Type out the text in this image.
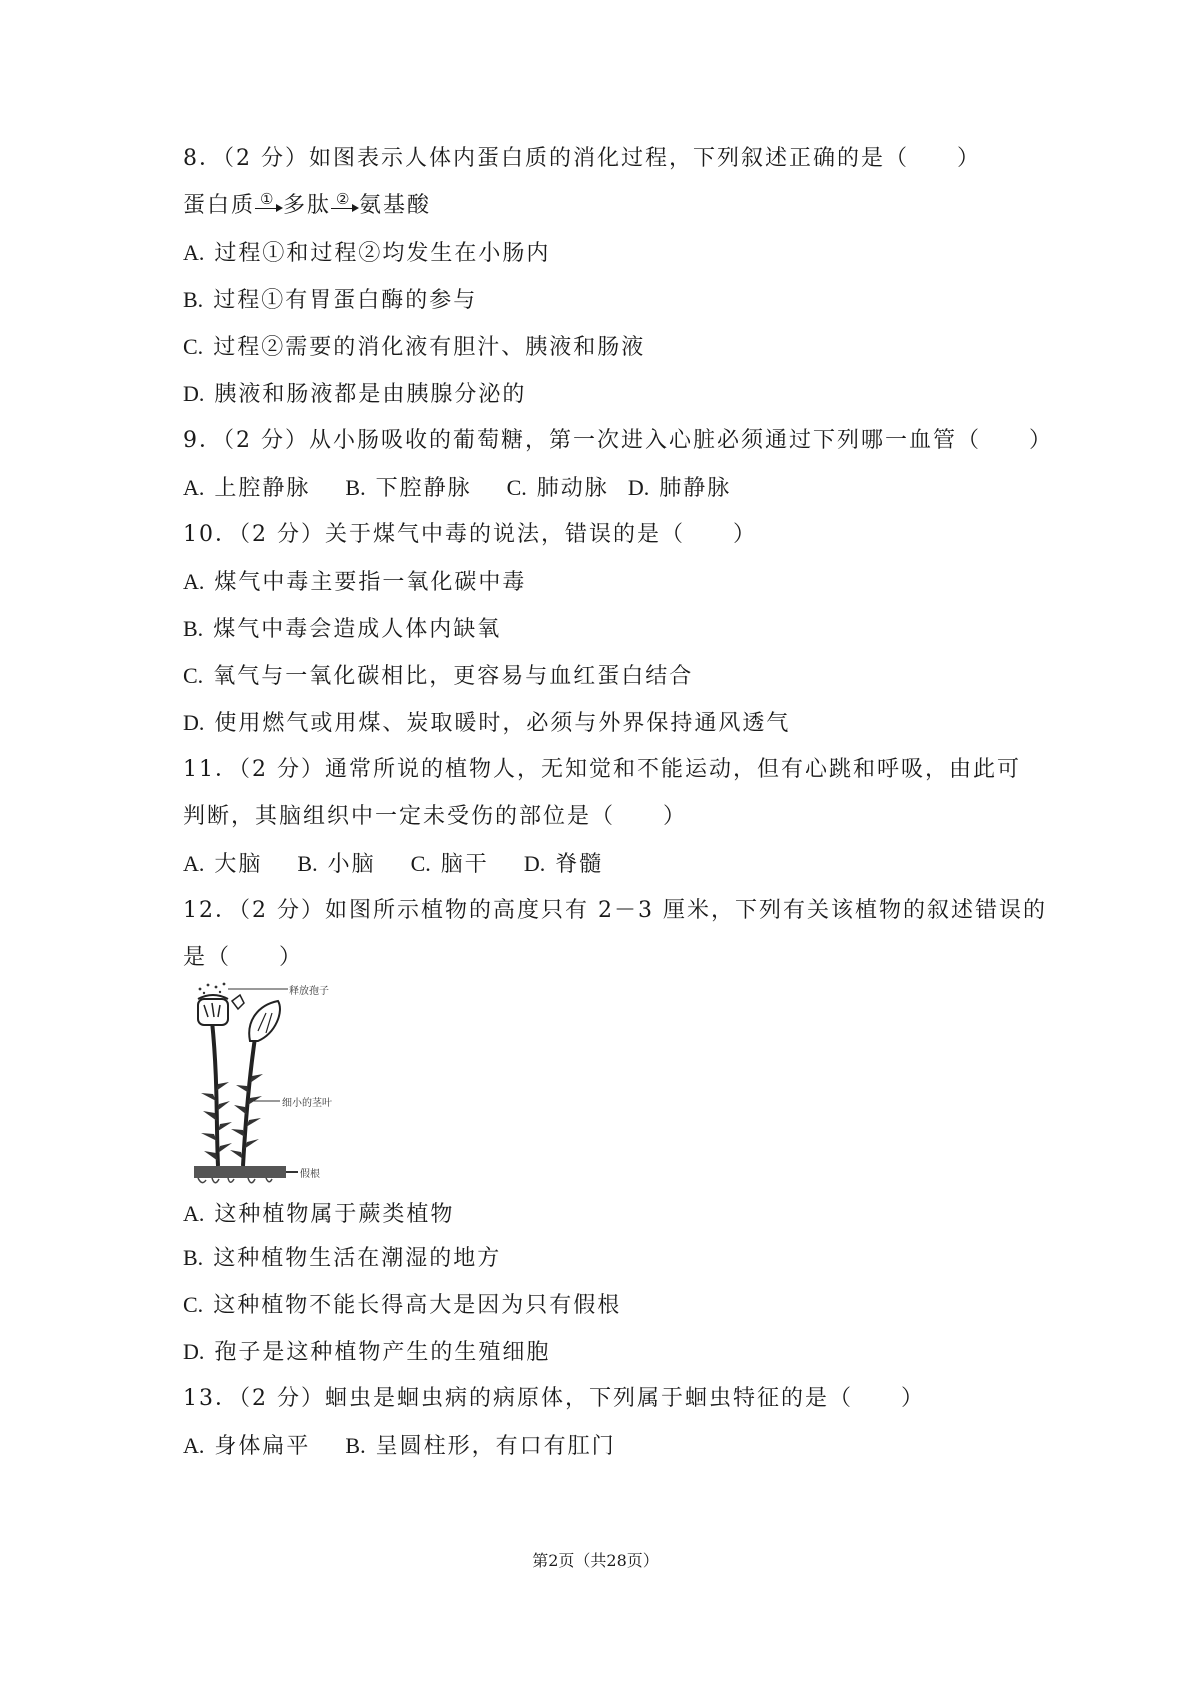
8．（2 分）如图表示人体内蛋白质的消化过程，下列叙述正确的是（　　）
蛋白质 ① 多肽 ② 氨基酸
A. 过程①和过程②均发生在小肠内
B. 过程①有胃蛋白酶的参与
C. 过程②需要的消化液有胆汁、胰液和肠液
D. 胰液和肠液都是由胰腺分泌的
9．（2 分）从小肠吸收的葡萄糖，第一次进入心脏必须通过下列哪一血管（　　）
A. 上腔静脉 B. 下腔静脉 C. 肺动脉 D. 肺静脉
10．（2 分）关于煤气中毒的说法，错误的是（　　）
A. 煤气中毒主要指一氧化碳中毒
B. 煤气中毒会造成人体内缺氧
C. 氧气与一氧化碳相比，更容易与血红蛋白结合
D. 使用燃气或用煤、炭取暖时，必须与外界保持通风透气
11．（2 分）通常所说的植物人，无知觉和不能运动，但有心跳和呼吸，由此可
判断，其脑组织中一定未受伤的部位是（　　）
A. 大脑 B. 小脑 C. 脑干 D. 脊髓
12．（2 分）如图所示植物的高度只有 2－3 厘米，下列有关该植物的叙述错误的
是（　　）
释放孢子
细小的茎叶
假根
A. 这种植物属于蕨类植物
B. 这种植物生活在潮湿的地方
C. 这种植物不能长得高大是因为只有假根
D. 孢子是这种植物产生的生殖细胞
13．（2 分）蛔虫是蛔虫病的病原体，下列属于蛔虫特征的是（　　）
A. 身体扁平 B. 呈圆柱形，有口有肛门
第2页（共28页）
